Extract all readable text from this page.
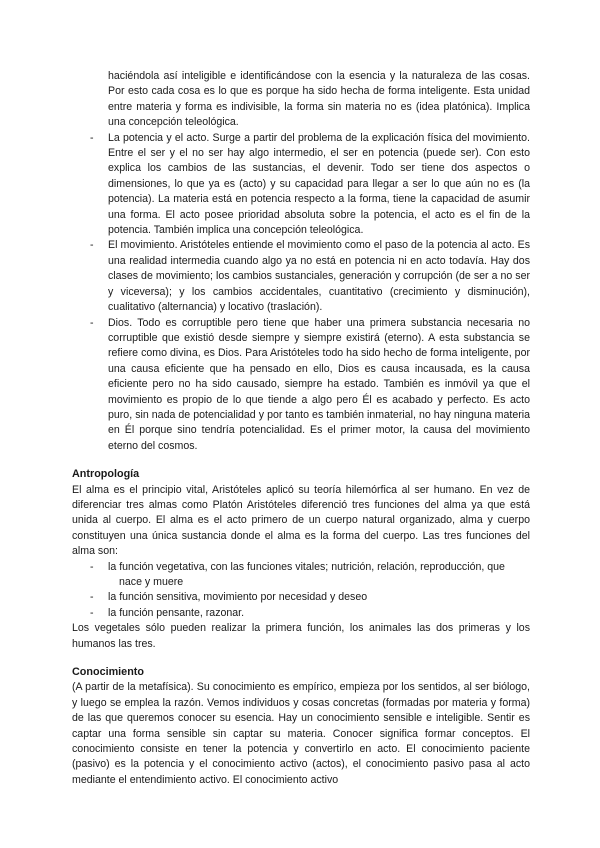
haciéndola así inteligible e identificándose con la esencia y la naturaleza de las cosas. Por esto cada cosa es lo que es porque ha sido hecha de forma inteligente. Esta unidad entre materia y forma es indivisible, la forma sin materia no es (idea platónica). Implica una concepción teleológica.

- La potencia y el acto. Surge a partir del problema de la explicación física del movimiento. Entre el ser y el no ser hay algo intermedio, el ser en potencia (puede ser). Con esto explica los cambios de las sustancias, el devenir. Todo ser tiene dos aspectos o dimensiones, lo que ya es (acto) y su capacidad para llegar a ser lo que aún no es (la potencia). La materia está en potencia respecto a la forma, tiene la capacidad de asumir una forma. El acto posee prioridad absoluta sobre la potencia, el acto es el fin de la potencia. También implica una concepción teleológica.
- El movimiento. Aristóteles entiende el movimiento como el paso de la potencia al acto. Es una realidad intermedia cuando algo ya no está en potencia ni en acto todavía. Hay dos clases de movimiento; los cambios sustanciales, generación y corrupción (de ser a no ser y viceversa); y los cambios accidentales, cuantitativo (crecimiento y disminución), cualitativo (alternancia) y locativo (traslación).
- Dios. Todo es corruptible pero tiene que haber una primera substancia necesaria no corruptible que existió desde siempre y siempre existirá (eterno). A esta substancia se refiere como divina, es Dios. Para Aristóteles todo ha sido hecho de forma inteligente, por una causa eficiente que ha pensado en ello, Dios es causa incausada, es la causa eficiente pero no ha sido causado, siempre ha estado. También es inmóvil ya que el movimiento es propio de lo que tiende a algo pero Él es acabado y perfecto. Es acto puro, sin nada de potencialidad y por tanto es también inmaterial, no hay ninguna materia en Él porque sino tendría potencialidad. Es el primer motor, la causa del movimiento eterno del cosmos.
Antropología

El alma es el principio vital, Aristóteles aplicó su teoría hilemórfica al ser humano. En vez de diferenciar tres almas como Platón Aristóteles diferenció tres funciones del alma ya que está unida al cuerpo. El alma es el acto primero de un cuerpo natural organizado, alma y cuerpo constituyen una única sustancia donde el alma es la forma del cuerpo. Las tres funciones del alma son:

- la función vegetativa, con las funciones vitales; nutrición, relación, reproducción, que nace y muere
- la función sensitiva, movimiento por necesidad y deseo
- la función pensante, razonar.

Los vegetales sólo pueden realizar la primera función, los animales las dos primeras y los humanos las tres.

Conocimiento

(A partir de la metafísica). Su conocimiento es empírico, empieza por los sentidos, al ser biólogo, y luego se emplea la razón. Vemos individuos y cosas concretas (formadas por materia y forma) de las que queremos conocer su esencia. Hay un conocimiento sensible e inteligible. Sentir es captar una forma sensible sin captar su materia. Conocer significa formar conceptos. El conocimiento consiste en tener la potencia y convertirlo en acto. El conocimiento paciente (pasivo) es la potencia y el conocimiento activo (actos), el conocimiento pasivo pasa al acto mediante el entendimiento activo. El conocimiento activo
